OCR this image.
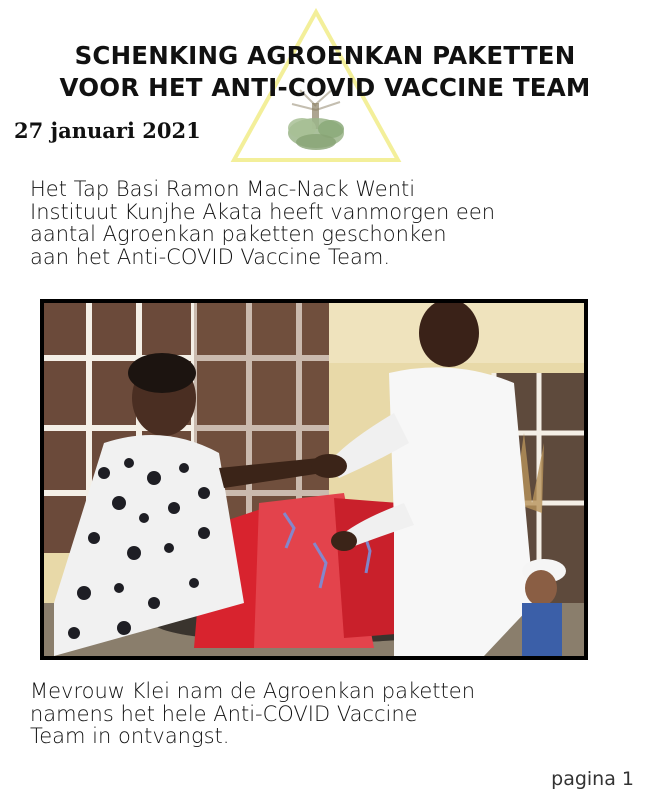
SCHENKING AGROENKAN PAKETTEN
VOOR HET ANTI-COVID VACCINE TEAM
27 januari 2021
Het Tap Basi Ramon Mac-Nack Wenti
Instituut Kunjhe Akata heeft vanmorgen een
aantal Agroenkan paketten geschonken
aan het Anti-COVID Vaccine Team.
Mevrouw Klei nam de Agroenkan paketten
namens het hele Anti-COVID Vaccine
Team in ontvangst.
pagina 1
